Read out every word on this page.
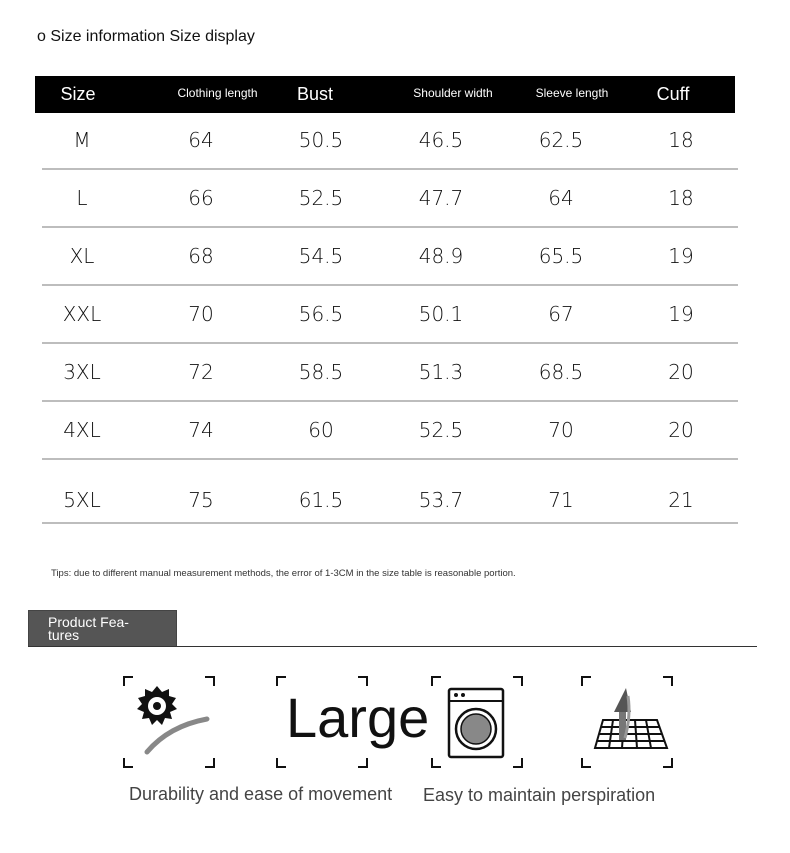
o Size information Size display
Size	Clothing length	Bust	Shoulder width	Sleeve length	Cuff
M	64	50.5	46.5	62.5	18
L	66	52.5	47.7	64	18
XL	68	54.5	48.9	65.5	19
XXL	70	56.5	50.1	67	19
3XL	72	58.5	51.3	68.5	20
4XL	74	60	52.5	70	20
5XL	75	61.5	53.7	71	21
Tips: due to different manual measurement methods, the error of 1-3CM in the size table is reasonable portion.
Product Fea-
tures
Large
Durability and ease of movement Easy to maintain perspiration
